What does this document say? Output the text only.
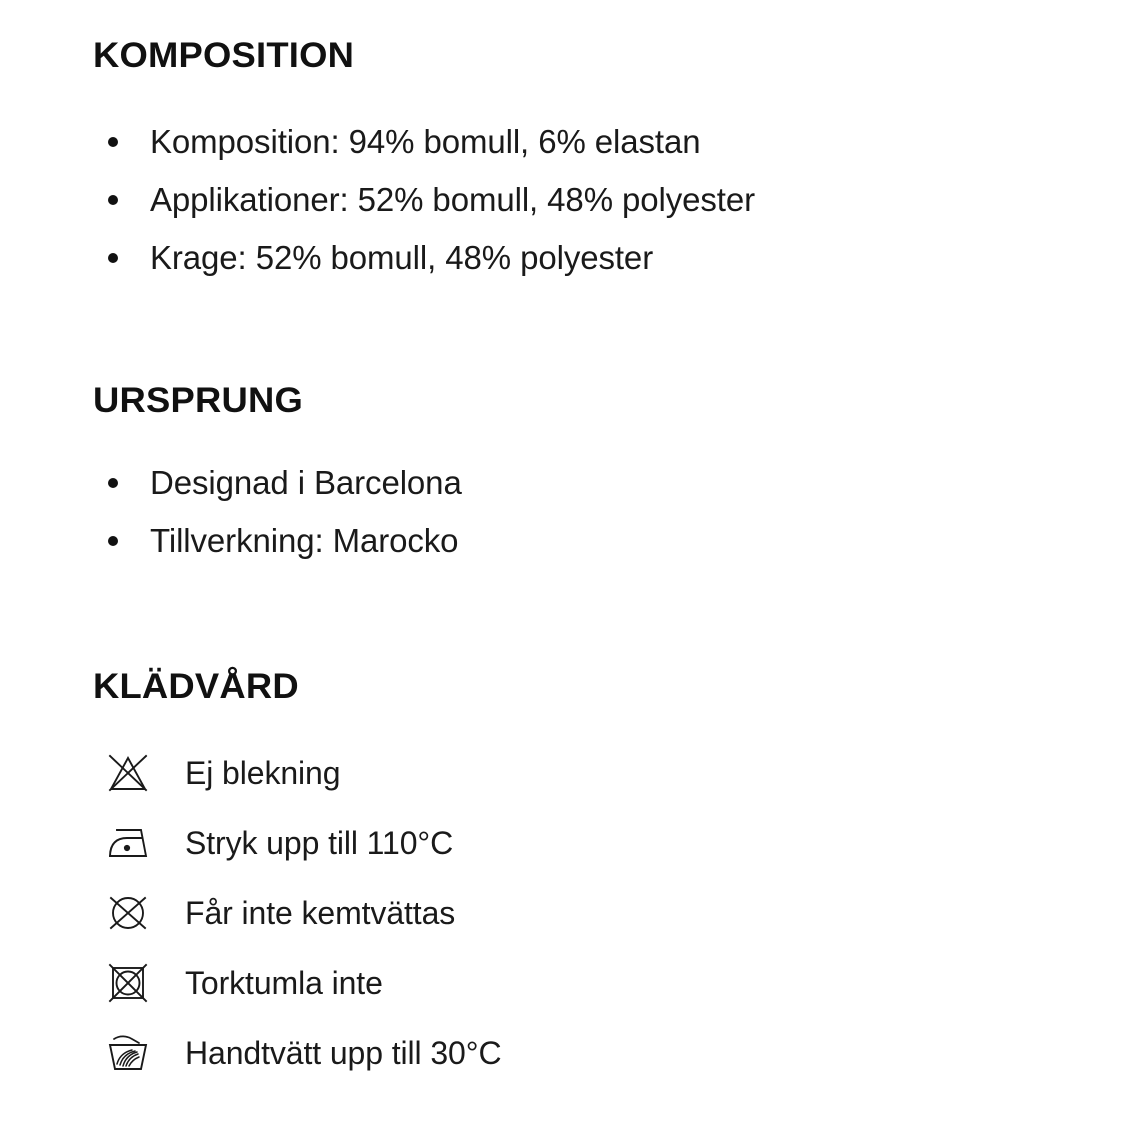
KOMPOSITION
Komposition: 94% bomull, 6% elastan
Applikationer: 52% bomull, 48% polyester
Krage: 52% bomull, 48% polyester
URSPRUNG
Designad i Barcelona
Tillverkning: Marocko
KLÄDVÅRD
Ej blekning
Stryk upp till 110°C
Får inte kemtvättas
Torktumla inte
Handtvätt upp till 30°C
